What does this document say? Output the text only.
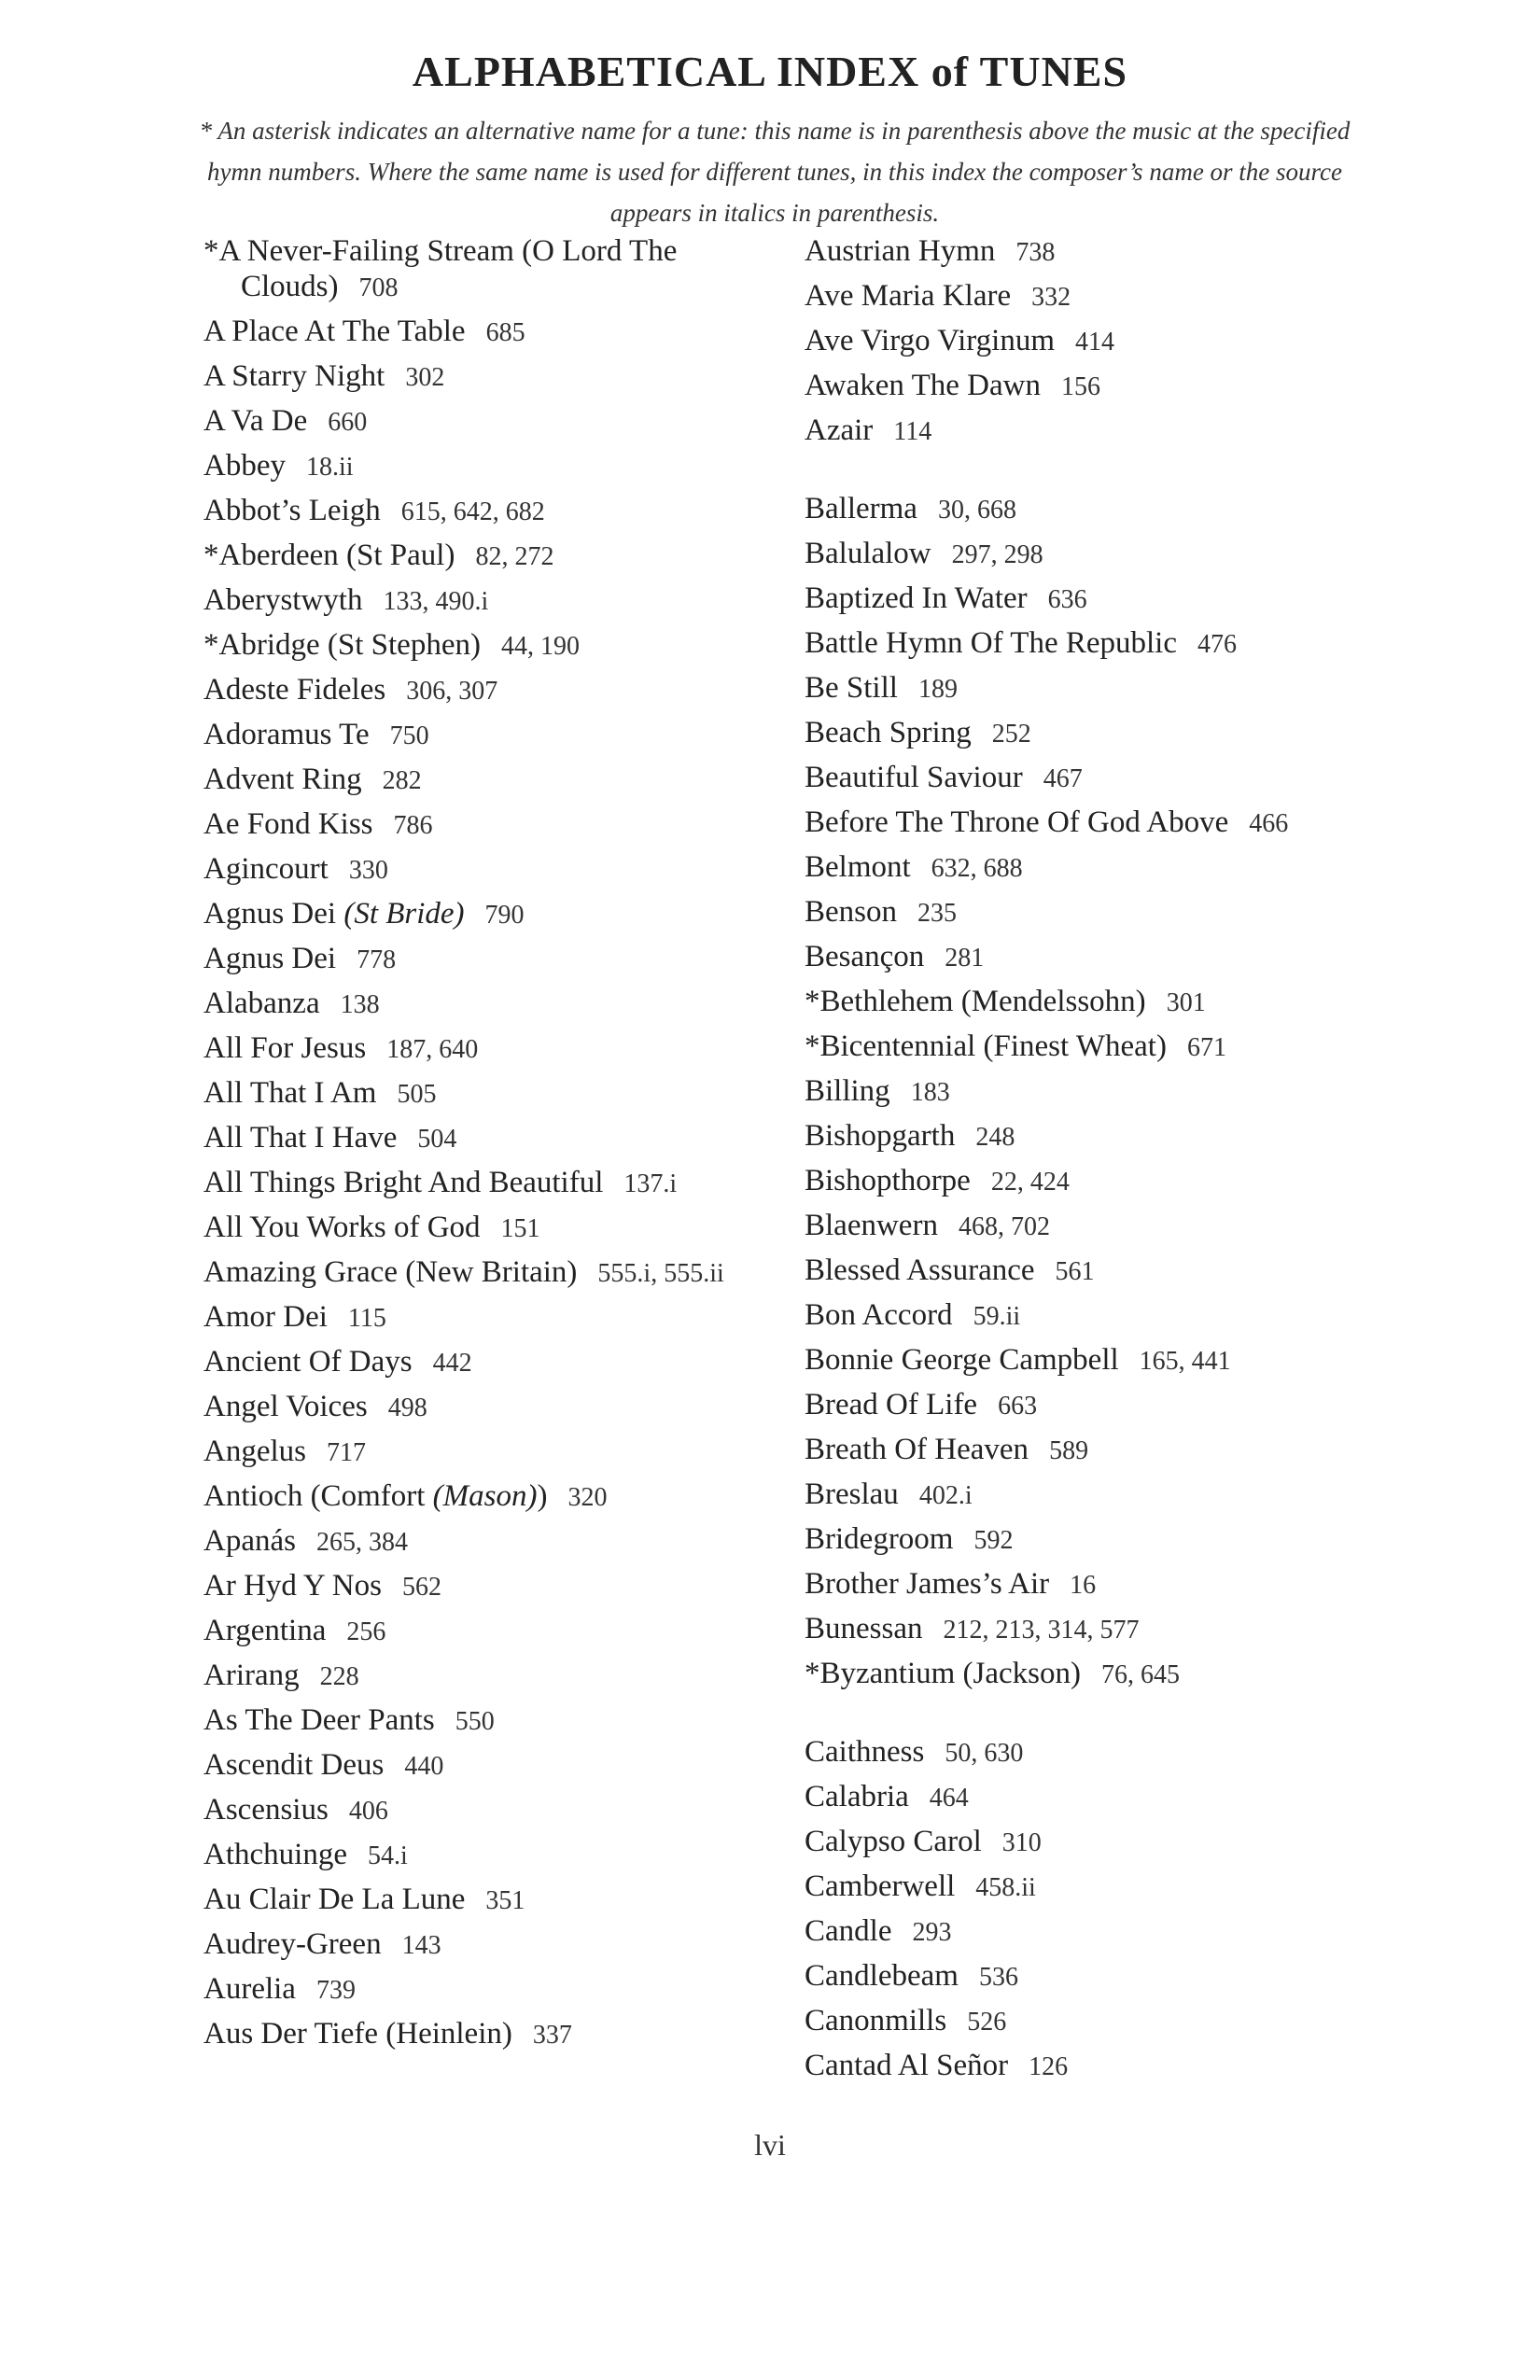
ALPHABETICAL INDEX of TUNES

* An asterisk indicates an alternative name for a tune: this name is in parenthesis above the music at the specified hymn numbers. Where the same name is used for different tunes, in this index the composer’s name or the source appears in italics in parenthesis.

*A Never-Failing Stream (O Lord The Clouds) 708
A Place At The Table 685
A Starry Night 302
A Va De 660
Abbey 18.ii
Abbot’s Leigh 615, 642, 682
*Aberdeen (St Paul) 82, 272
Aberystwyth 133, 490.i
*Abridge (St Stephen) 44, 190
Adeste Fideles 306, 307
Adoramus Te 750
Advent Ring 282
Ae Fond Kiss 786
Agincourt 330
Agnus Dei (St Bride) 790
Agnus Dei 778
Alabanza 138
All For Jesus 187, 640
All That I Am 505
All That I Have 504
All Things Bright And Beautiful 137.i
All You Works of God 151
Amazing Grace (New Britain) 555.i, 555.ii
Amor Dei 115
Ancient Of Days 442
Angel Voices 498
Angelus 717
Antioch (Comfort (Mason)) 320
Apanás 265, 384
Ar Hyd Y Nos 562
Argentina 256
Arirang 228
As The Deer Pants 550
Ascendit Deus 440
Ascensius 406
Athchuinge 54.i
Au Clair De La Lune 351
Audrey-Green 143
Aurelia 739
Aus Der Tiefe (Heinlein) 337
Austrian Hymn 738
Ave Maria Klare 332
Ave Virgo Virginum 414
Awaken The Dawn 156
Azair 114
Ballerma 30, 668
Balulalow 297, 298
Baptized In Water 636
Battle Hymn Of The Republic 476
Be Still 189
Beach Spring 252
Beautiful Saviour 467
Before The Throne Of God Above 466
Belmont 632, 688
Benson 235
Besançon 281
*Bethlehem (Mendelssohn) 301
*Bicentennial (Finest Wheat) 671
Billing 183
Bishopgarth 248
Bishopthorpe 22, 424
Blaenwern 468, 702
Blessed Assurance 561
Bon Accord 59.ii
Bonnie George Campbell 165, 441
Bread Of Life 663
Breath Of Heaven 589
Breslau 402.i
Bridegroom 592
Brother James’s Air 16
Bunessan 212, 213, 314, 577
*Byzantium (Jackson) 76, 645
Caithness 50, 630
Calabria 464
Calypso Carol 310
Camberwell 458.ii
Candle 293
Candlebeam 536
Canonmills 526
Cantad Al Señor 126
lvi
